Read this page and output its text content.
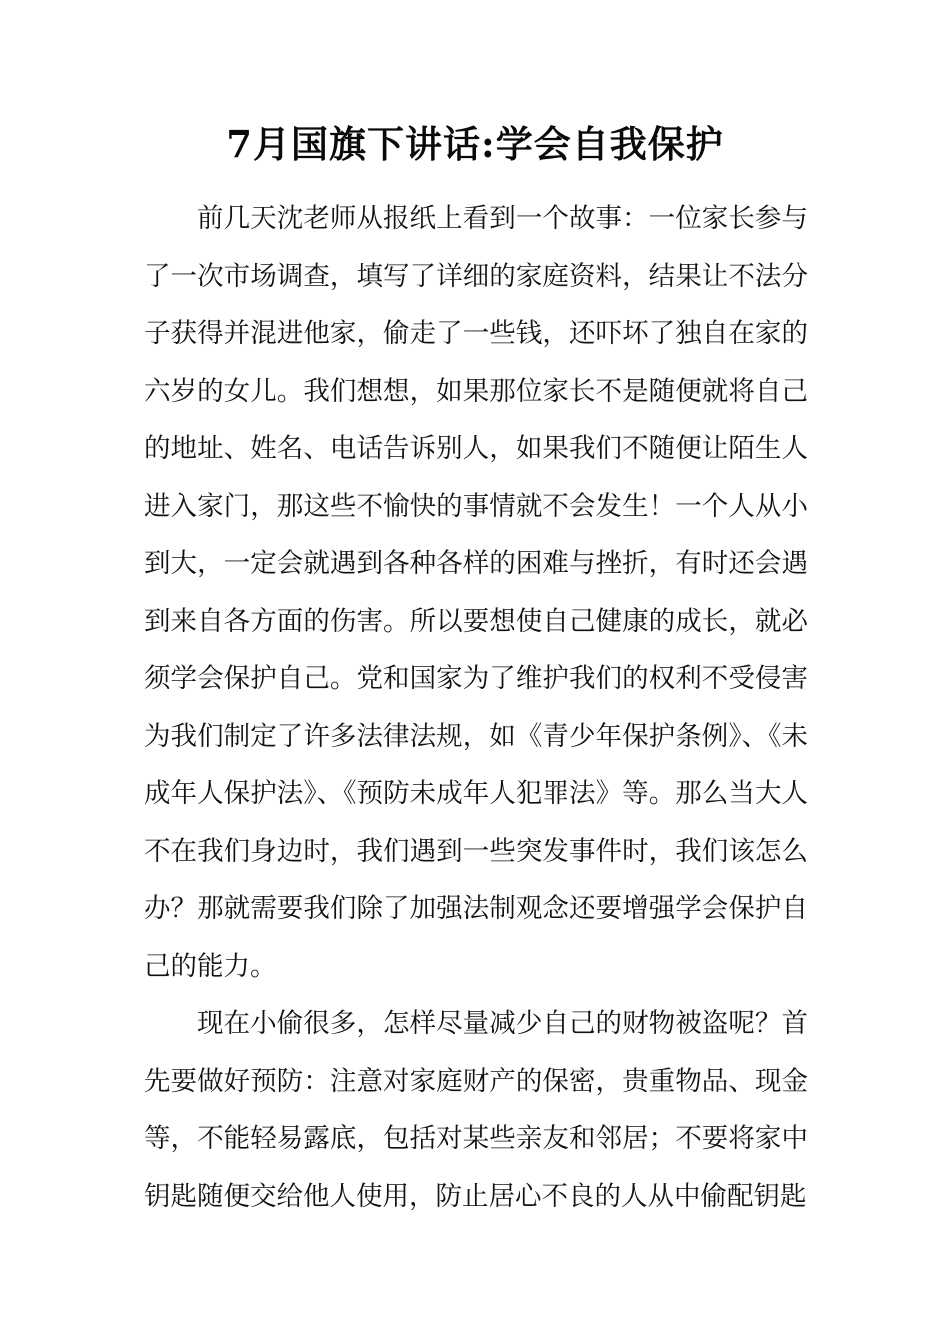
7月国旗下讲话:学会自我保护

前几天沈老师从报纸上看到一个故事：一位家长参与了一次市场调查，填写了详细的家庭资料，结果让不法分子获得并混进他家，偷走了一些钱，还吓坏了独自在家的六岁的女儿。我们想想，如果那位家长不是随便就将自己的地址、姓名、电话告诉别人，如果我们不随便让陌生人进入家门，那这些不愉快的事情就不会发生！一个人从小到大，一定会就遇到各种各样的困难与挫折，有时还会遇到来自各方面的伤害。所以要想使自己健康的成长，就必须学会保护自己。党和国家为了维护我们的权利不受侵害为我们制定了许多法律法规，如《青少年保护条例》、《未成年人保护法》、《预防未成年人犯罪法》等。那么当大人不在我们身边时，我们遇到一些突发事件时，我们该怎么办？那就需要我们除了加强法制观念还要增强学会保护自己的能力。

现在小偷很多，怎样尽量减少自己的财物被盗呢？首先要做好预防：注意对家庭财产的保密，贵重物品、现金等，不能轻易露底，包括对某些亲友和邻居；不要将家中钥匙随便交给他人使用，防止居心不良的人从中偷配钥匙
